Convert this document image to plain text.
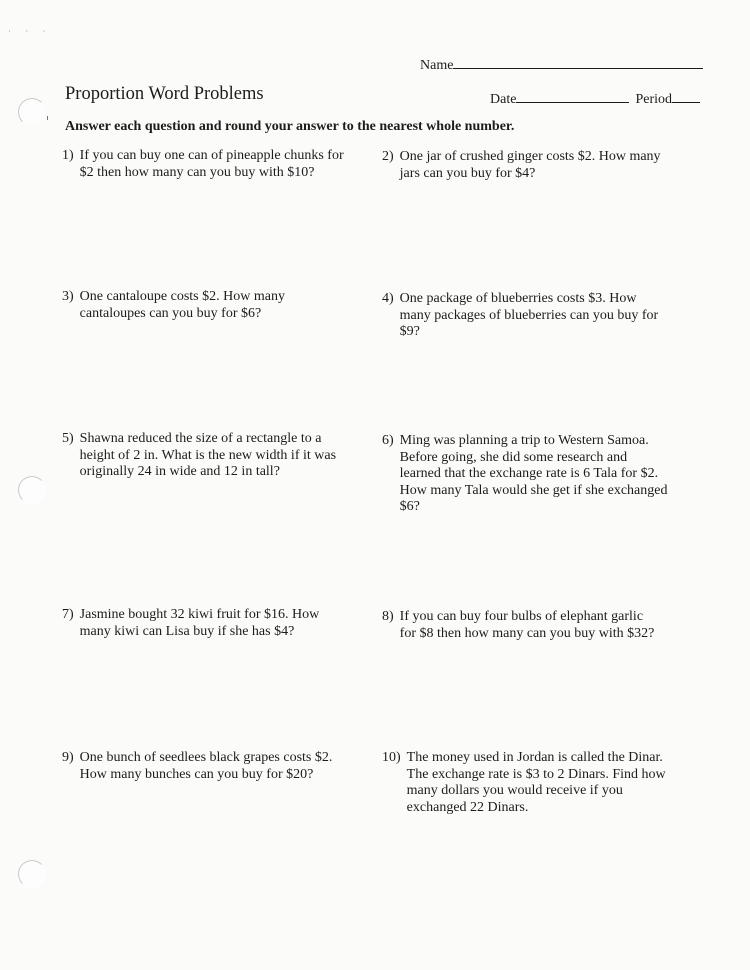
· · ·
Name
Proportion Word Problems	Date	Period
Answer each question and round your answer to the nearest whole number.
1) If you can buy one can of pineapple chunks for $2 then how many can you buy with $10?
2) One jar of crushed ginger costs $2. How many jars can you buy for $4?
3) One cantaloupe costs $2. How many cantaloupes can you buy for $6?
4) One package of blueberries costs $3. How many packages of blueberries can you buy for $9?
5) Shawna reduced the size of a rectangle to a height of 2 in. What is the new width if it was originally 24 in wide and 12 in tall?
6) Ming was planning a trip to Western Samoa. Before going, she did some research and learned that the exchange rate is 6 Tala for $2. How many Tala would she get if she exchanged $6?
7) Jasmine bought 32 kiwi fruit for $16. How many kiwi can Lisa buy if she has $4?
8) If you can buy four bulbs of elephant garlic for $8 then how many can you buy with $32?
9) One bunch of seedlees black grapes costs $2. How many bunches can you buy for $20?
10) The money used in Jordan is called the Dinar. The exchange rate is $3 to 2 Dinars. Find how many dollars you would receive if you exchanged 22 Dinars.
